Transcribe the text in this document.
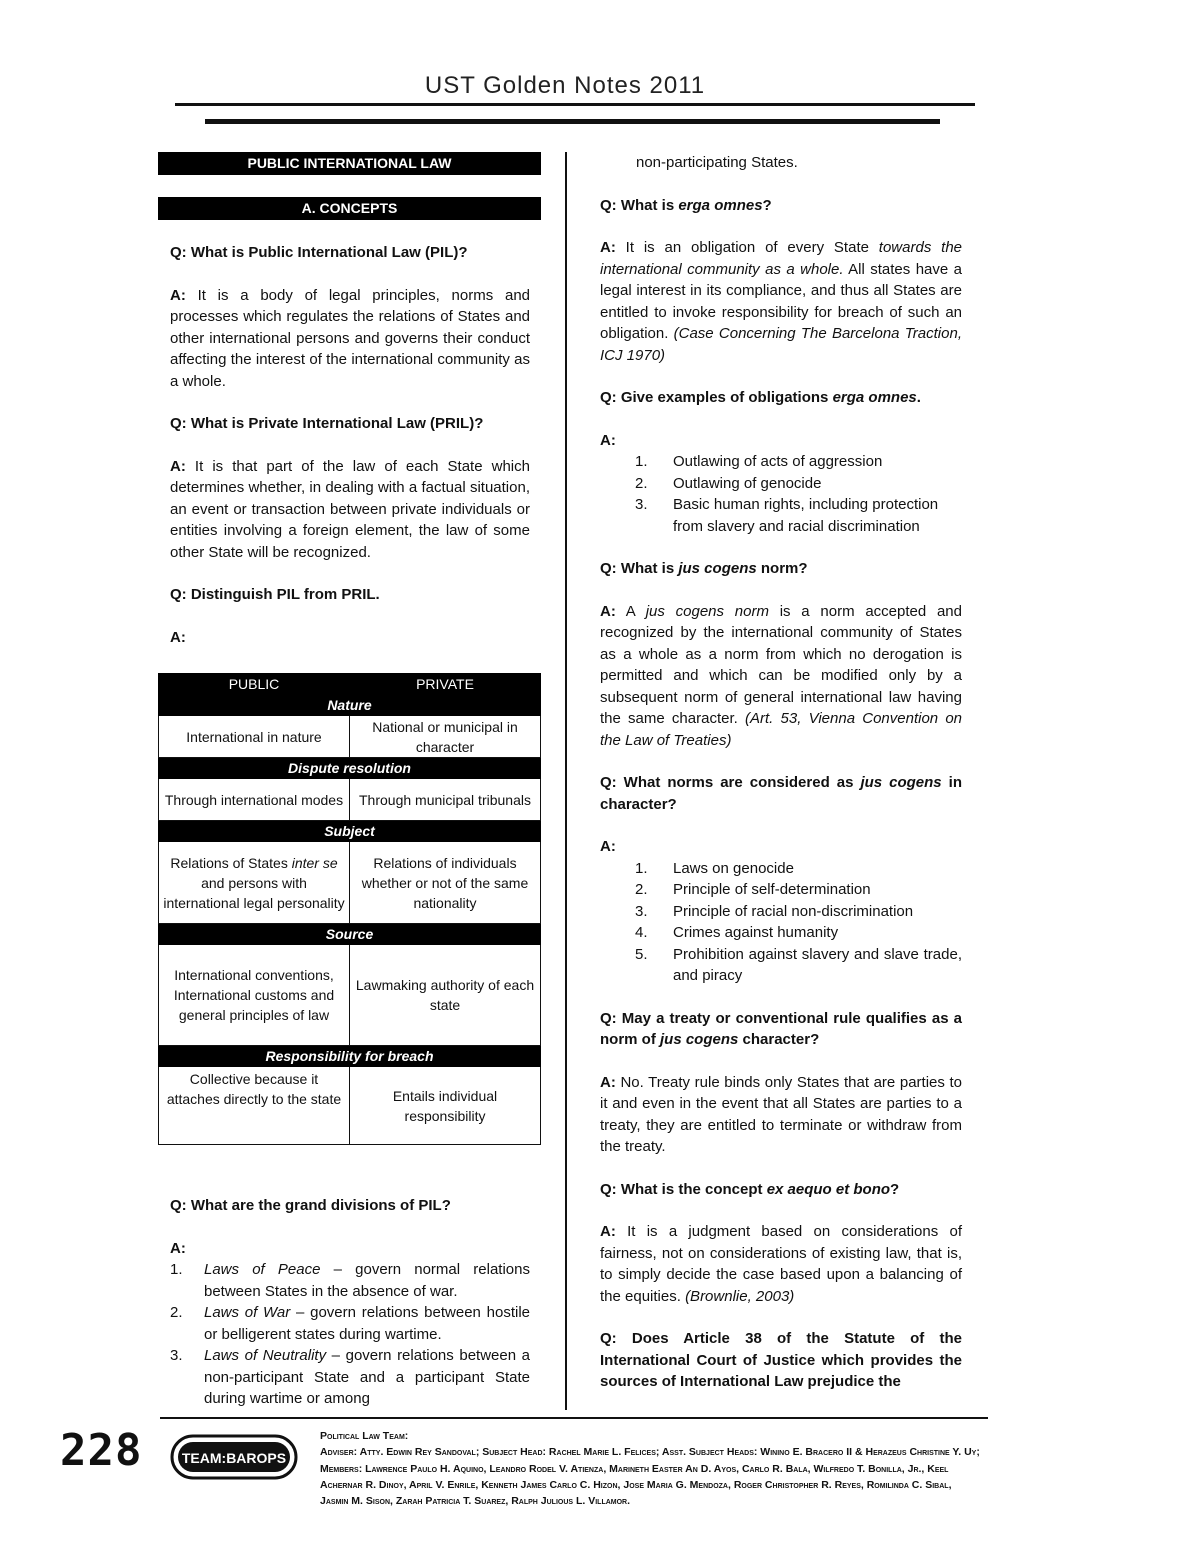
UST Golden Notes 2011
PUBLIC INTERNATIONAL LAW
A. CONCEPTS

Q: What is Public International Law (PIL)?

A: It is a body of legal principles, norms and processes which regulates the relations of States and other international persons and governs their conduct affecting the interest of the international community as a whole.

Q: What is Private International Law (PRIL)?

A: It is that part of the law of each State which determines whether, in dealing with a factual situation, an event or transaction between private individuals or entities involving a foreign element, the law of some other State will be recognized.

Q: Distinguish PIL from PRIL.

A:

PUBLIC	PRIVATE
Nature	
International in nature	National or municipal in character
Dispute resolution	
Through international modes	Through municipal tribunals
Subject	
Relations of States inter se and persons with international legal personality	Relations of individuals whether or not of the same nationality
Source	
International conventions, International customs and general principles of law	Lawmaking authority of each state
Responsibility for breach	
Collective because it attaches directly to the state	Entails individual responsibility

Q: What are the grand divisions of PIL?

A:

1.	Laws of Peace – govern normal relations between States in the absence of war.
2.	Laws of War – govern relations between hostile or belligerent states during wartime.
3.	Laws of Neutrality – govern relations between a non-participant State and a participant State during wartime or among

non-participating States.

Q: What is erga omnes?

A: It is an obligation of every State towards the international community as a whole. All states have a legal interest in its compliance, and thus all States are entitled to invoke responsibility for breach of such an obligation. (Case Concerning The Barcelona Traction, ICJ 1970)

Q: Give examples of obligations erga omnes.

A:

1.	Outlawing of acts of aggression
2.	Outlawing of genocide
3.	Basic human rights, including protection from slavery and racial discrimination

Q: What is jus cogens norm?

A: A jus cogens norm is a norm accepted and recognized by the international community of States as a whole as a norm from which no derogation is permitted and which can be modified only by a subsequent norm of general international law having the same character. (Art. 53, Vienna Convention on the Law of Treaties)

Q: What norms are considered as jus cogens in character?

A:

1.	Laws on genocide
2.	Principle of self-determination
3.	Principle of racial non-discrimination
4.	Crimes against humanity
5.	Prohibition against slavery and slave trade, and piracy

Q: May a treaty or conventional rule qualifies as a norm of jus cogens character?

A: No. Treaty rule binds only States that are parties to it and even in the event that all States are parties to a treaty, they are entitled to terminate or withdraw from the treaty.

Q: What is the concept ex aequo et bono?

A: It is a judgment based on considerations of fairness, not on considerations of existing law, that is, to simply decide the case based upon a balancing of the equities. (Brownlie, 2003)

Q: Does Article 38 of the Statute of the International Court of Justice which provides the sources of International Law prejudice the

228	TEAM:BAROPS
Political Law Team:
Adviser: Atty. Edwin Rey Sandoval; Subject Head: Rachel Marie L. Felices; Asst. Subject Heads: Winino E. Bracero II & Herazeus Christine Y. Uy; Members: Lawrence Paulo H. Aquino, Leandro Rodel V. Atienza, Marineth Easter An D. Ayos, Carlo R. Bala, Wilfredo T. Bonilla, Jr., Keel Achernar R. Dinoy, April V. Enrile, Kenneth James Carlo C. Hizon, Jose Maria G. Mendoza, Roger Christopher R. Reyes, Romilinda C. Sibal, Jasmin M. Sison, Zarah Patricia T. Suarez, Ralph Julious L. Villamor.
